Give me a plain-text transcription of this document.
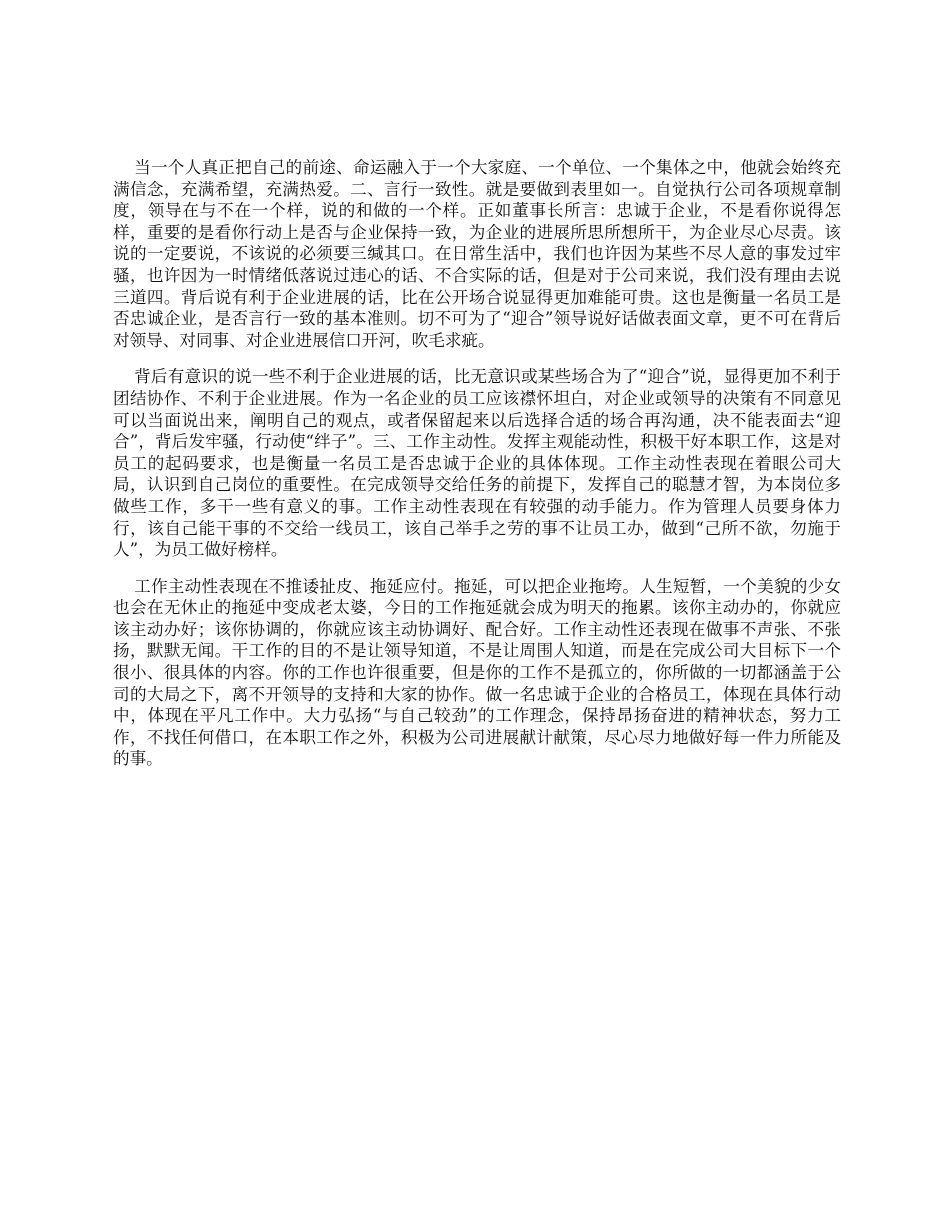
当一个人真正把自己的前途、命运融入于一个大家庭、一个单位、一个集体之中，他就会始终充满信念，充满希望，充满热爱。二、言行一致性。就是要做到表里如一。自觉执行公司各项规章制度，领导在与不在一个样，说的和做的一个样。正如董事长所言：忠诚于企业，不是看你说得怎样，重要的是看你行动上是否与企业保持一致，为企业的进展所思所想所干，为企业尽心尽责。该说的一定要说，不该说的必须要三缄其口。在日常生活中，我们也许因为某些不尽人意的事发过牢骚，也许因为一时情绪低落说过违心的话、不合实际的话，但是对于公司来说，我们没有理由去说三道四。背后说有利于企业进展的话，比在公开场合说显得更加难能可贵。这也是衡量一名员工是否忠诚企业，是否言行一致的基本准则。切不可为了“迎合”领导说好话做表面文章，更不可在背后对领导、对同事、对企业进展信口开河，吹毛求疵。

背后有意识的说一些不利于企业进展的话，比无意识或某些场合为了“迎合”说，显得更加不利于团结协作、不利于企业进展。作为一名企业的员工应该襟怀坦白，对企业或领导的决策有不同意见可以当面说出来，阐明自己的观点，或者保留起来以后选择合适的场合再沟通，决不能表面去“迎合”，背后发牢骚，行动使“绊子”。三、工作主动性。发挥主观能动性，积极干好本职工作，这是对员工的起码要求，也是衡量一名员工是否忠诚于企业的具体体现。工作主动性表现在着眼公司大局，认识到自己岗位的重要性。在完成领导交给任务的前提下，发挥自己的聪慧才智，为本岗位多做些工作，多干一些有意义的事。工作主动性表现在有较强的动手能力。作为管理人员要身体力行，该自己能干事的不交给一线员工，该自己举手之劳的事不让员工办，做到“己所不欲，勿施于人”，为员工做好榜样。

工作主动性表现在不推诿扯皮、拖延应付。拖延，可以把企业拖垮。人生短暂，一个美貌的少女也会在无休止的拖延中变成老太婆，今日的工作拖延就会成为明天的拖累。该你主动办的，你就应该主动办好；该你协调的，你就应该主动协调好、配合好。工作主动性还表现在做事不声张、不张扬，默默无闻。干工作的目的不是让领导知道，不是让周围人知道，而是在完成公司大目标下一个很小、很具体的内容。你的工作也许很重要，但是你的工作不是孤立的，你所做的一切都涵盖于公司的大局之下，离不开领导的支持和大家的协作。做一名忠诚于企业的合格员工，体现在具体行动中，体现在平凡工作中。大力弘扬“与自己较劲”的工作理念，保持昂扬奋进的精神状态，努力工作，不找任何借口，在本职工作之外，积极为公司进展献计献策，尽心尽力地做好每一件力所能及的事。
